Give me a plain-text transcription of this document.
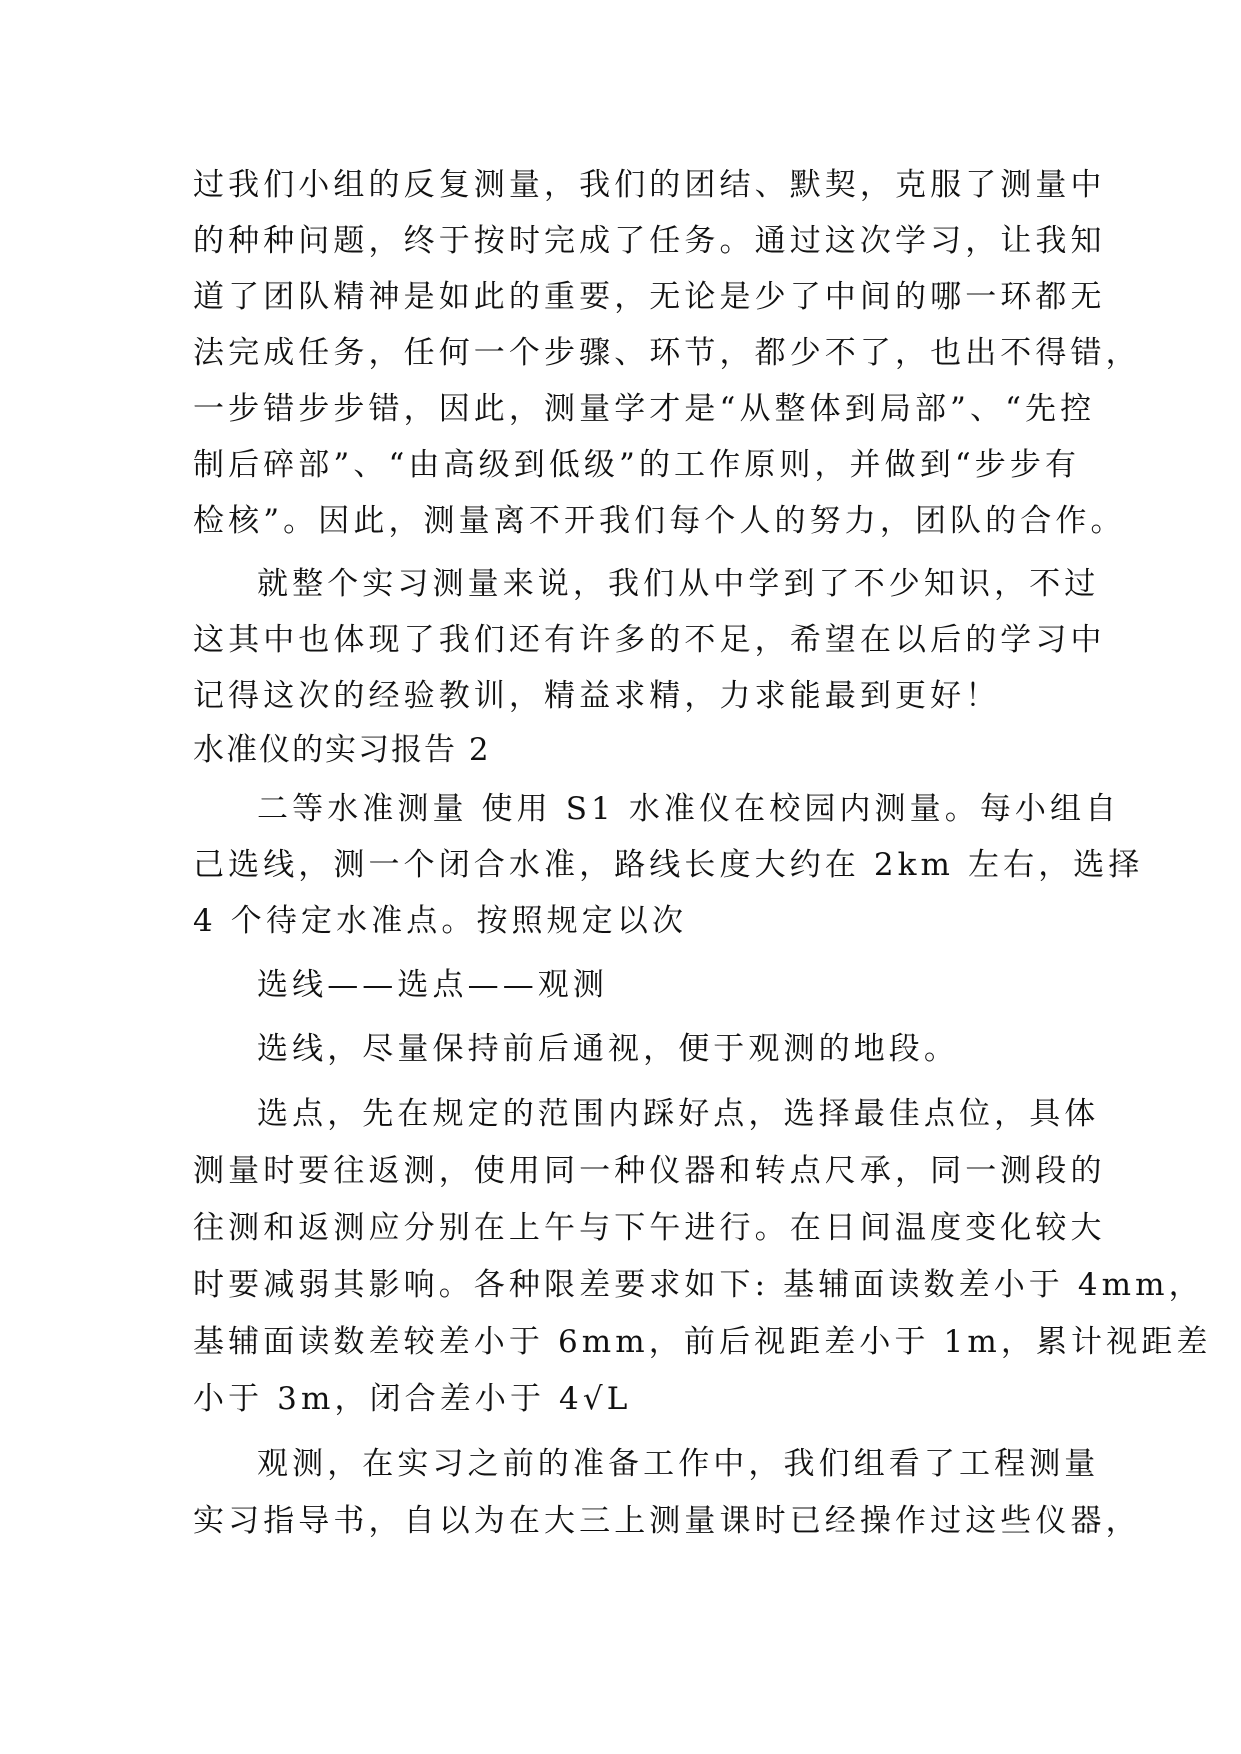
过我们小组的反复测量，我们的团结、默契，克服了测量中
的种种问题，终于按时完成了任务。通过这次学习，让我知
道了团队精神是如此的重要，无论是少了中间的哪一环都无
法完成任务，任何一个步骤、环节，都少不了，也出不得错，
一步错步步错，因此，测量学才是“从整体到局部”、“先控
制后碎部”、“由高级到低级”的工作原则，并做到“步步有
检核”。因此，测量离不开我们每个人的努力，团队的合作。
就整个实习测量来说，我们从中学到了不少知识，不过
这其中也体现了我们还有许多的不足，希望在以后的学习中
记得这次的经验教训，精益求精，力求能最到更好！
水准仪的实习报告 2
二等水准测量 使用 S1 水准仪在校园内测量。每小组自
己选线，测一个闭合水准，路线长度大约在 2km 左右，选择
4 个待定水准点。按照规定以次
选线——选点——观测
选线，尽量保持前后通视，便于观测的地段。
选点，先在规定的范围内踩好点，选择最佳点位，具体
测量时要往返测，使用同一种仪器和转点尺承，同一测段的
往测和返测应分别在上午与下午进行。在日间温度变化较大
时要减弱其影响。各种限差要求如下: 基辅面读数差小于 4mm，
基辅面读数差较差小于 6mm，前后视距差小于 1m，累计视距差
小于 3m，闭合差小于 4√L
观测，在实习之前的准备工作中，我们组看了工程测量
实习指导书，自以为在大三上测量课时已经操作过这些仪器，
